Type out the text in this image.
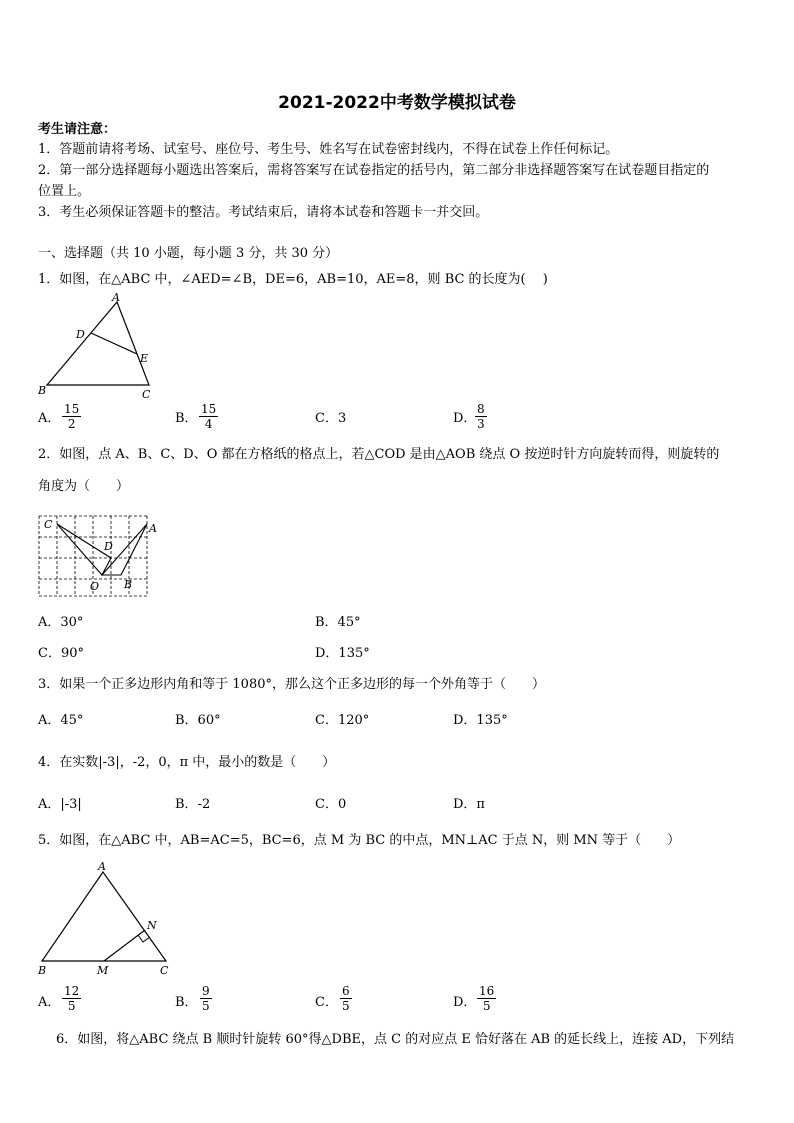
2021-2022中考数学模拟试卷
考生请注意：
1．答题前请将考场、试室号、座位号、考生号、姓名写在试卷密封线内，不得在试卷上作任何标记。
2．第一部分选择题每小题选出答案后，需将答案写在试卷指定的括号内，第二部分非选择题答案写在试卷题目指定的
位置上。
3．考生必须保证答题卡的整洁。考试结束后，请将本试卷和答题卡一并交回。
一、选择题（共 10 小题，每小题 3 分，共 30 分）
1．如图，在△ABC 中，∠AED=∠B，DE=6，AB=10，AE=8，则 BC 的长度为(　 )
A
B	C
D
E
A． $\frac{15}{2}$	B． $\frac{15}{4}$	C．3	D．
$\frac{8}{3}$
2．如图，点 A、B、C、D、O 都在方格纸的格点上，若△COD 是由△AOB 绕点 O 按逆时针方向旋转而得，则旋转的
角度为（　　）
C	A
D
O B
A．30°	B．45°
C．90°	D．135°
3．如果一个正多边形内角和等于 1080°，那么这个正多边形的每一个外角等于（　　）
A．45°	B．60°	C．120°	D．135°
4．在实数|-3|，-2，0，π 中，最小的数是（　　）
A．|-3|	B．-2	C．0	D．π
5．如图，在△ABC 中，AB=AC=5，BC=6，点 M 为 BC 的中点，MN⊥AC 于点 N，则 MN 等于（　　）
A
B	M	C
N
A． $\frac{12}{5}$	B． $\frac{9}{5}$	C． $\frac{6}{5}$	D． $\frac{16}{5}$
6．如图，将△ABC 绕点 B 顺时针旋转 60°得△DBE，点 C 的对应点 E 恰好落在 AB 的延长线上，连接 AD，下列结
